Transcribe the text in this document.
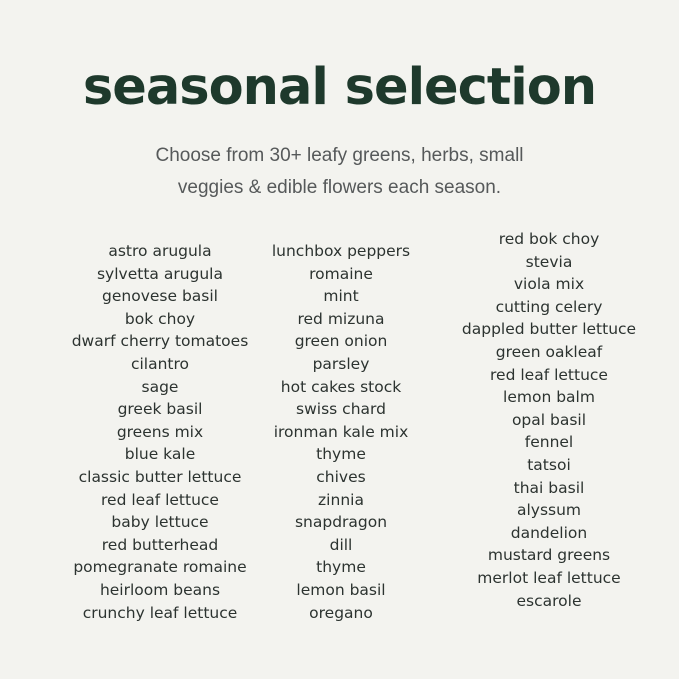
seasonal selection
Choose from 30+ leafy greens, herbs, small
veggies & edible flowers each season.
astro arugula
sylvetta arugula
genovese basil
bok choy
dwarf cherry tomatoes
cilantro
sage
greek basil
greens mix
blue kale
classic butter lettuce
red leaf lettuce
baby lettuce
red butterhead
pomegranate romaine
heirloom beans
crunchy leaf lettuce
lunchbox peppers
romaine
mint
red mizuna
green onion
parsley
hot cakes stock
swiss chard
ironman kale mix
thyme
chives
zinnia
snapdragon
dill
thyme
lemon basil
oregano
red bok choy
stevia
viola mix
cutting celery
dappled butter lettuce
green oakleaf
red leaf lettuce
lemon balm
opal basil
fennel
tatsoi
thai basil
alyssum
dandelion
mustard greens
merlot leaf lettuce
escarole
